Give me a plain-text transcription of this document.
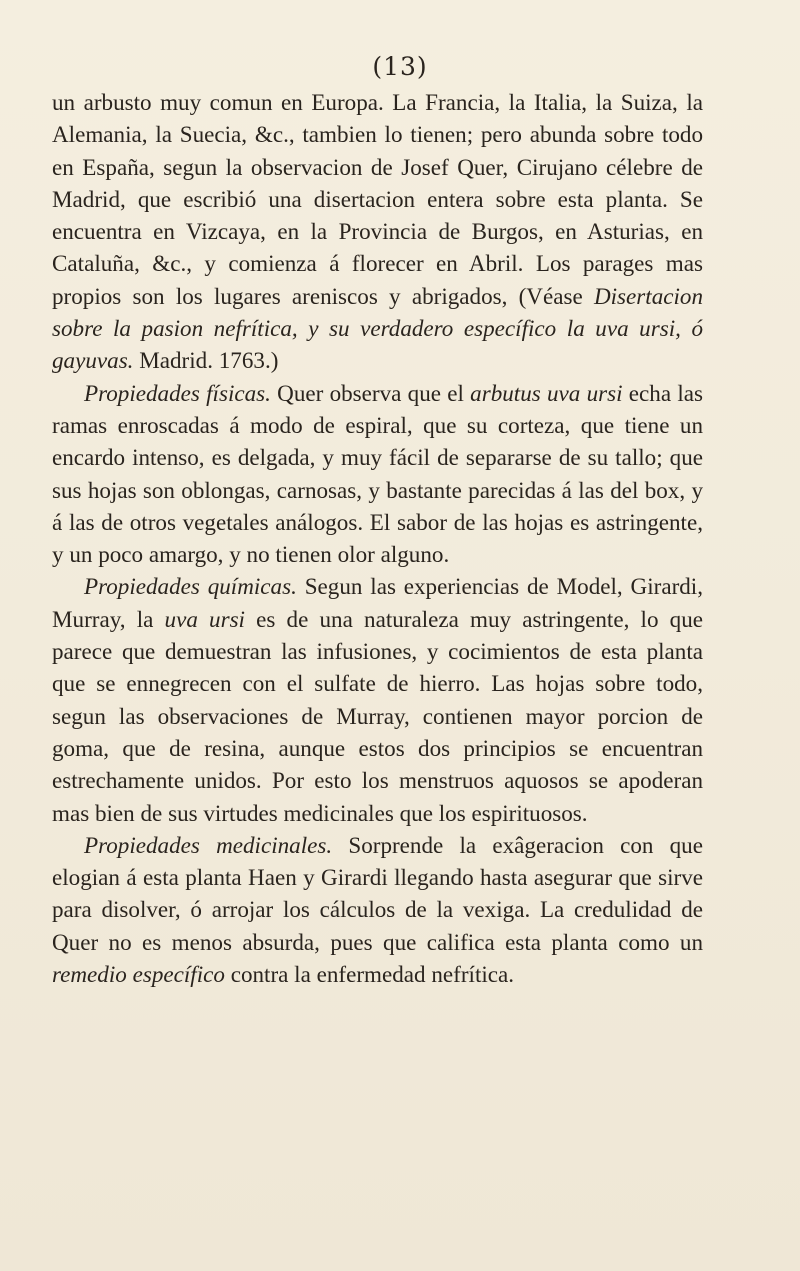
(13)

un arbusto muy comun en Europa. La Francia, la Italia, la Suiza, la Alemania, la Suecia, &c., tambien lo tienen; pero abunda sobre todo en España, segun la observacion de Josef Quer, Cirujano célebre de Madrid, que escribió una disertacion entera sobre esta planta. Se encuentra en Vizcaya, en la Provincia de Burgos, en Asturias, en Cataluña, &c., y comienza á florecer en Abril. Los parages mas propios son los lugares areniscos y abrigados, (Véase Disertacion sobre la pasion nefrítica, y su verdadero específico la uva ursi, ó gayuvas. Madrid. 1763.)

Propiedades físicas. Quer observa que el arbutus uva ursi echa las ramas enroscadas á modo de espiral, que su corteza, que tiene un encardo intenso, es delgada, y muy fácil de separarse de su tallo; que sus hojas son oblongas, carnosas, y bastante parecidas á las del box, y á las de otros vegetales análogos. El sabor de las hojas es astringente, y un poco amargo, y no tienen olor alguno.

Propiedades químicas. Segun las experiencias de Model, Girardi, Murray, la uva ursi es de una naturaleza muy astringente, lo que parece que demuestran las infusiones, y cocimientos de esta planta que se ennegrecen con el sulfate de hierro. Las hojas sobre todo, segun las observaciones de Murray, contienen mayor porcion de goma, que de resina, aunque estos dos principios se encuentran estrechamente unidos. Por esto los menstruos aquosos se apoderan mas bien de sus virtudes medicinales que los espirituosos.

Propiedades medicinales. Sorprende la exâgeracion con que elogian á esta planta Haen y Girardi llegando hasta asegurar que sirve para disolver, ó arrojar los cálculos de la vexiga. La credulidad de Quer no es menos absurda, pues que califica esta planta como un remedio específico contra la enfermedad nefrítica.
